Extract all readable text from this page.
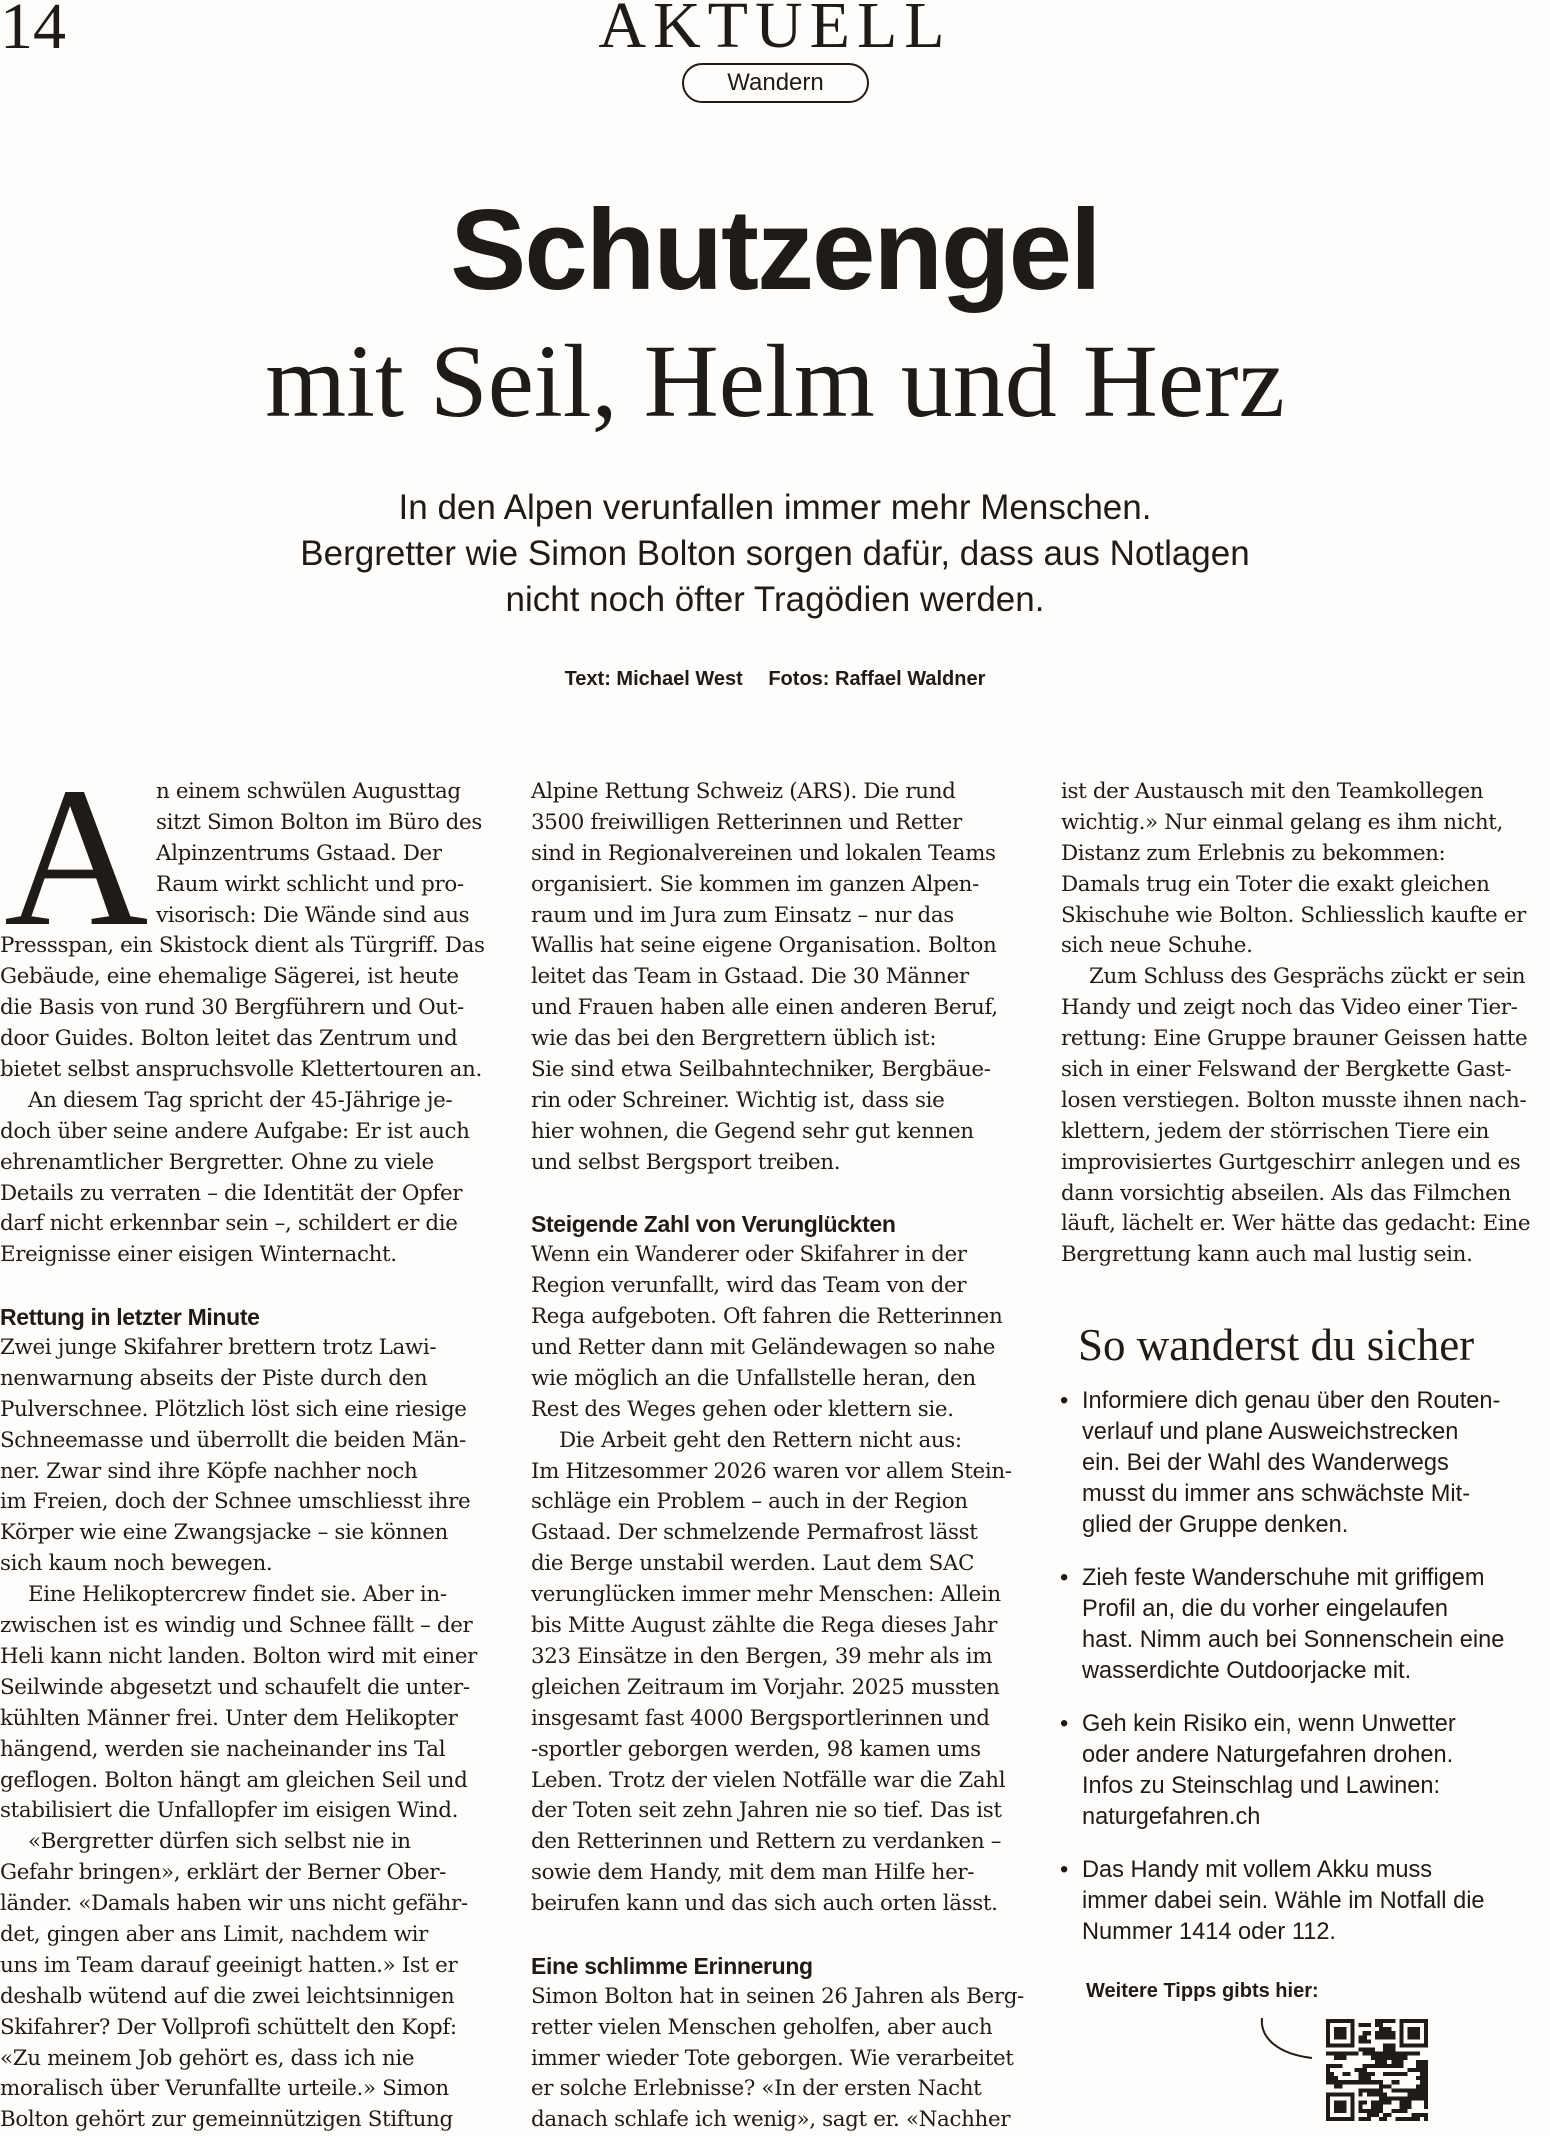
14	AKTUELL
Wandern
Schutzengel
mit Seil, Helm und Herz
In den Alpen verunfallen immer mehr Menschen.
Bergretter wie Simon Bolton sorgen dafür, dass aus Notlagen
nicht noch öfter Tragödien werden.
Text: Michael West Fotos: Raffael Waldner
A n einem schwülen Augusttag
sitzt Simon Bolton im Büro des
Alpinzentrums Gstaad. Der
Raum wirkt schlicht und pro-
visorisch: Die Wände sind aus
Pressspan, ein Skistock dient als Türgriff. Das
Gebäude, eine ehemalige Sägerei, ist heute
die Basis von rund 30 Bergführern und Out-
door Guides. Bolton leitet das Zentrum und
bietet selbst anspruchsvolle Klettertouren an.
An diesem Tag spricht der 45-Jährige je-
doch über seine andere Aufgabe: Er ist auch
ehrenamtlicher Bergretter. Ohne zu viele
Details zu verraten – die Identität der Opfer
darf nicht erkennbar sein –, schildert er die
Ereignisse einer eisigen Winternacht.
Rettung in letzter Minute
Zwei junge Skifahrer brettern trotz Lawi-
nenwarnung abseits der Piste durch den
Pulverschnee. Plötzlich löst sich eine riesige
Schneemasse und überrollt die beiden Män-
ner. Zwar sind ihre Köpfe nachher noch
im Freien, doch der Schnee umschliesst ihre
Körper wie eine Zwangsjacke – sie können
sich kaum noch bewegen.
Eine Helikoptercrew findet sie. Aber in-
zwischen ist es windig und Schnee fällt – der
Heli kann nicht landen. Bolton wird mit einer
Seilwinde abgesetzt und schaufelt die unter-
kühlten Männer frei. Unter dem Helikopter
hängend, werden sie nacheinander ins Tal
geflogen. Bolton hängt am gleichen Seil und
stabilisiert die Unfallopfer im eisigen Wind.
«Bergretter dürfen sich selbst nie in
Gefahr bringen», erklärt der Berner Ober-
länder. «Damals haben wir uns nicht gefähr-
det, gingen aber ans Limit, nachdem wir
uns im Team darauf geeinigt hatten.» Ist er
deshalb wütend auf die zwei leichtsinnigen
Skifahrer? Der Vollprofi schüttelt den Kopf:
«Zu meinem Job gehört es, dass ich nie
moralisch über Verunfallte urteile.» Simon
Bolton gehört zur gemeinnützigen Stiftung
Alpine Rettung Schweiz (ARS). Die rund
3500 freiwilligen Retterinnen und Retter
sind in Regionalvereinen und lokalen Teams
organisiert. Sie kommen im ganzen Alpen-
raum und im Jura zum Einsatz – nur das
Wallis hat seine eigene Organisation. Bolton
leitet das Team in Gstaad. Die 30 Männer
und Frauen haben alle einen anderen Beruf,
wie das bei den Bergrettern üblich ist:
Sie sind etwa Seilbahntechniker, Bergbäue-
rin oder Schreiner. Wichtig ist, dass sie
hier wohnen, die Gegend sehr gut kennen
und selbst Bergsport treiben.
Steigende Zahl von Verunglückten
Wenn ein Wanderer oder Skifahrer in der
Region verunfallt, wird das Team von der
Rega aufgeboten. Oft fahren die Retterinnen
und Retter dann mit Geländewagen so nahe
wie möglich an die Unfallstelle heran, den
Rest des Weges gehen oder klettern sie.
Die Arbeit geht den Rettern nicht aus:
Im Hitzesommer 2026 waren vor allem Stein-
schläge ein Problem – auch in der Region
Gstaad. Der schmelzende Permafrost lässt
die Berge unstabil werden. Laut dem SAC
verunglücken immer mehr Menschen: Allein
bis Mitte August zählte die Rega dieses Jahr
323 Einsätze in den Bergen, 39 mehr als im
gleichen Zeitraum im Vorjahr. 2025 mussten
insgesamt fast 4000 Bergsportlerinnen und
-sportler geborgen werden, 98 kamen ums
Leben. Trotz der vielen Notfälle war die Zahl
der Toten seit zehn Jahren nie so tief. Das ist
den Retterinnen und Rettern zu verdanken –
sowie dem Handy, mit dem man Hilfe her-
beirufen kann und das sich auch orten lässt.
Eine schlimme Erinnerung
Simon Bolton hat in seinen 26 Jahren als Berg-
retter vielen Menschen geholfen, aber auch
immer wieder Tote geborgen. Wie verarbeitet
er solche Erlebnisse? «In der ersten Nacht
danach schlafe ich wenig», sagt er. «Nachher
ist der Austausch mit den Teamkollegen
wichtig.» Nur einmal gelang es ihm nicht,
Distanz zum Erlebnis zu bekommen:
Damals trug ein Toter die exakt gleichen
Skischuhe wie Bolton. Schliesslich kaufte er
sich neue Schuhe.
Zum Schluss des Gesprächs zückt er sein
Handy und zeigt noch das Video einer Tier-
rettung: Eine Gruppe brauner Geissen hatte
sich in einer Felswand der Bergkette Gast-
losen verstiegen. Bolton musste ihnen nach-
klettern, jedem der störrischen Tiere ein
improvisiertes Gurtgeschirr anlegen und es
dann vorsichtig abseilen. Als das Filmchen
läuft, lächelt er. Wer hätte das gedacht: Eine
Bergrettung kann auch mal lustig sein.
So wanderst du sicher
• Informiere dich genau über den Routen-
verlauf und plane Ausweichstrecken
ein. Bei der Wahl des Wanderwegs
musst du immer ans schwächste Mit-
glied der Gruppe denken.
• Zieh feste Wanderschuhe mit griffigem
Profil an, die du vorher eingelaufen
hast. Nimm auch bei Sonnenschein eine
wasserdichte Outdoorjacke mit.
• Geh kein Risiko ein, wenn Unwetter
oder andere Naturgefahren drohen.
Infos zu Steinschlag und Lawinen:
naturgefahren.ch
• Das Handy mit vollem Akku muss
immer dabei sein. Wähle im Notfall die
Nummer 1414 oder 112.
Weitere Tipps gibts hier:
